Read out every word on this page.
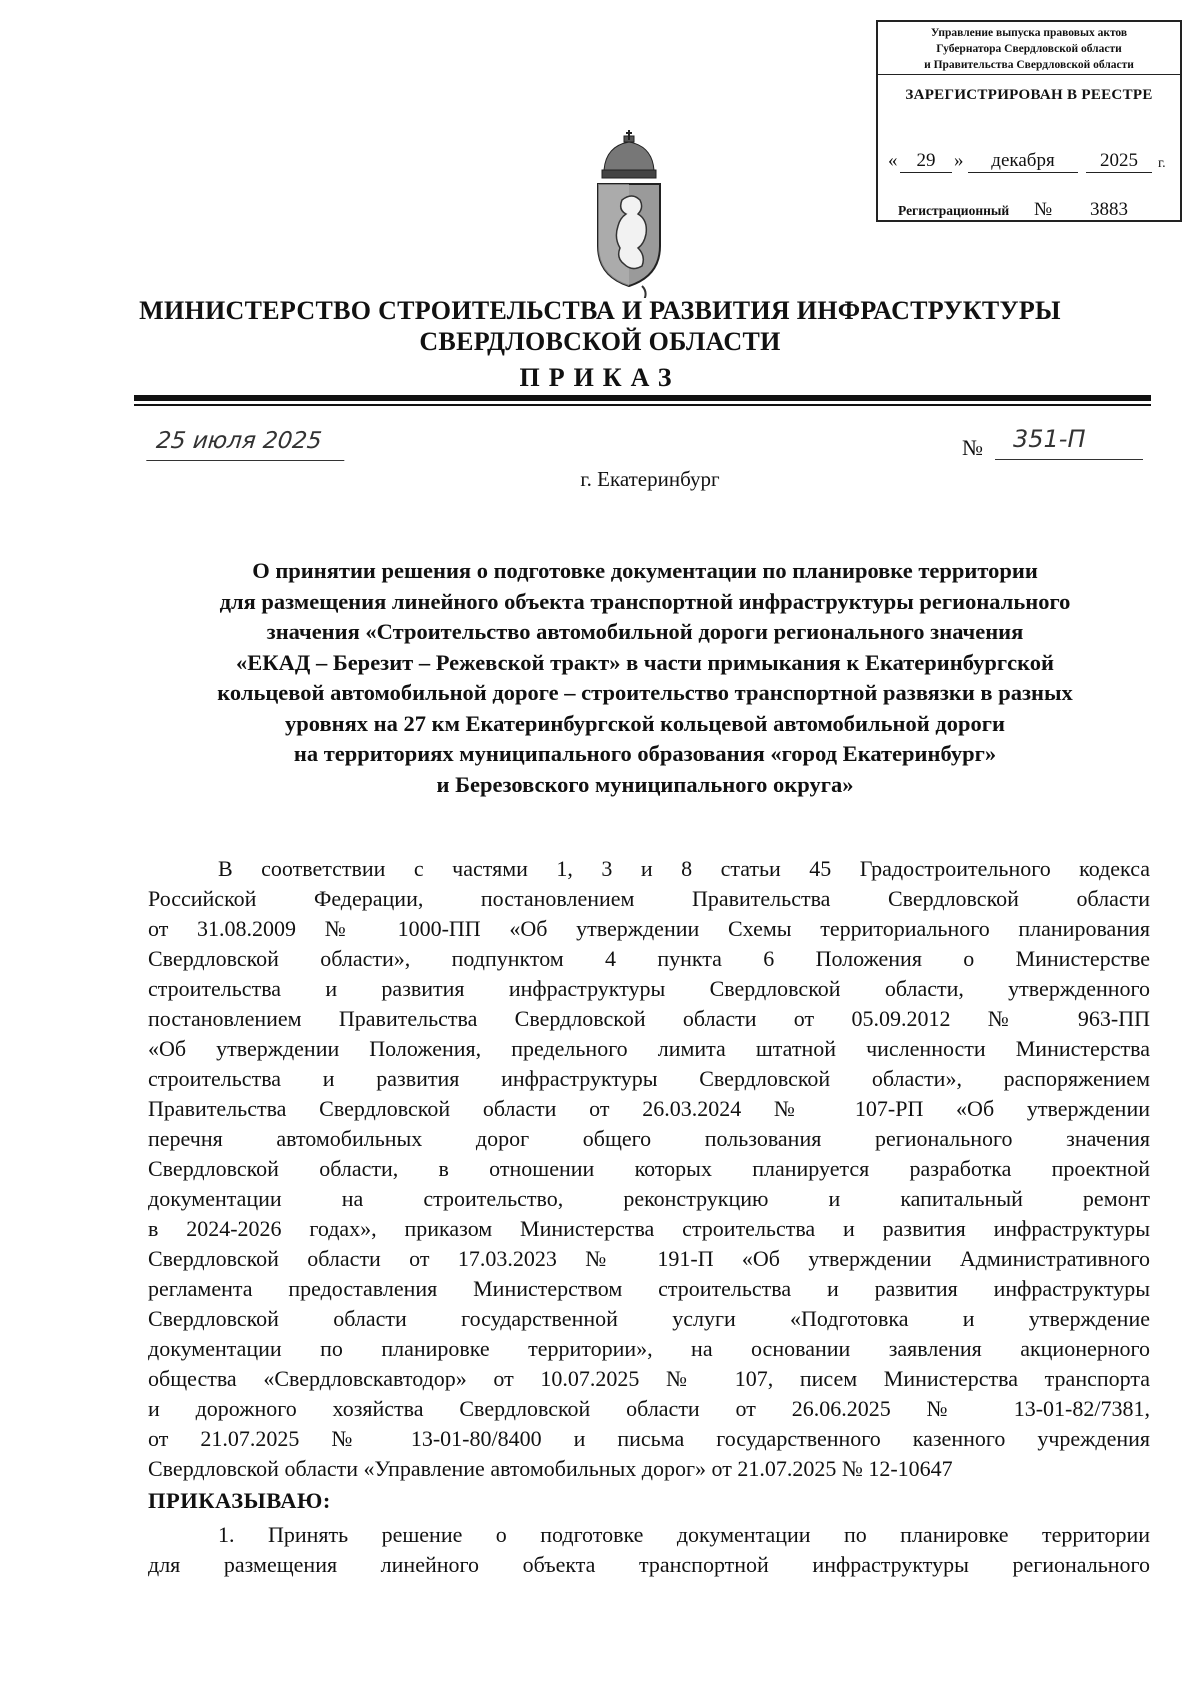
Управление выпуска правовых актов
Губернатора Свердловской области
и Правительства Свердловской области
ЗАРЕГИСТРИРОВАН В РЕЕСТРЕ
«	29 »	декабря	2025	г.
Регистрационный №	3883
МИНИСТЕРСТВО СТРОИТЕЛЬСТВА И РАЗВИТИЯ ИНФРАСТРУКТУРЫ
СВЕРДЛОВСКОЙ ОБЛАСТИ
ПРИКАЗ
25 июля 2025	№	351-П
г. Екатеринбург
О принятии решения о подготовке документации по планировке территории
для размещения линейного объекта транспортной инфраструктуры регионального
значения «Строительство автомобильной дороги регионального значения
«ЕКАД – Березит – Режевской тракт» в части примыкания к Екатеринбургской
кольцевой автомобильной дороге – строительство транспортной развязки в разных
уровнях на 27 км Екатеринбургской кольцевой автомобильной дороги
на территориях муниципального образования «город Екатеринбург»
и Березовского муниципального округа»
В соответствии с частями 1, 3 и 8 статьи 45 Градостроительного кодекса
Российской Федерации, постановлением Правительства Свердловской области
от 31.08.2009 № 1000-ПП «Об утверждении Схемы территориального планирования
Свердловской области», подпунктом 4 пункта 6 Положения о Министерстве
строительства и развития инфраструктуры Свердловской области, утвержденного
постановлением Правительства Свердловской области от 05.09.2012 № 963-ПП
«Об утверждении Положения, предельного лимита штатной численности Министерства
строительства и развития инфраструктуры Свердловской области», распоряжением
Правительства Свердловской области от 26.03.2024 № 107-РП «Об утверждении
перечня автомобильных дорог общего пользования регионального значения
Свердловской области, в отношении которых планируется разработка проектной
документации на строительство, реконструкцию и капитальный ремонт
в 2024-2026 годах», приказом Министерства строительства и развития инфраструктуры
Свердловской области от 17.03.2023 № 191-П «Об утверждении Административного
регламента предоставления Министерством строительства и развития инфраструктуры
Свердловской области государственной услуги «Подготовка и утверждение
документации по планировке территории», на основании заявления акционерного
общества «Свердловскавтодор» от 10.07.2025 № 107, писем Министерства транспорта
и дорожного хозяйства Свердловской области от 26.06.2025 № 13-01-82/7381,
от 21.07.2025 № 13-01-80/8400 и письма государственного казенного учреждения
Свердловской области «Управление автомобильных дорог» от 21.07.2025 № 12-10647
ПРИКАЗЫВАЮ:
1. Принять решение о подготовке документации по планировке территории
для размещения линейного объекта транспортной инфраструктуры регионального
